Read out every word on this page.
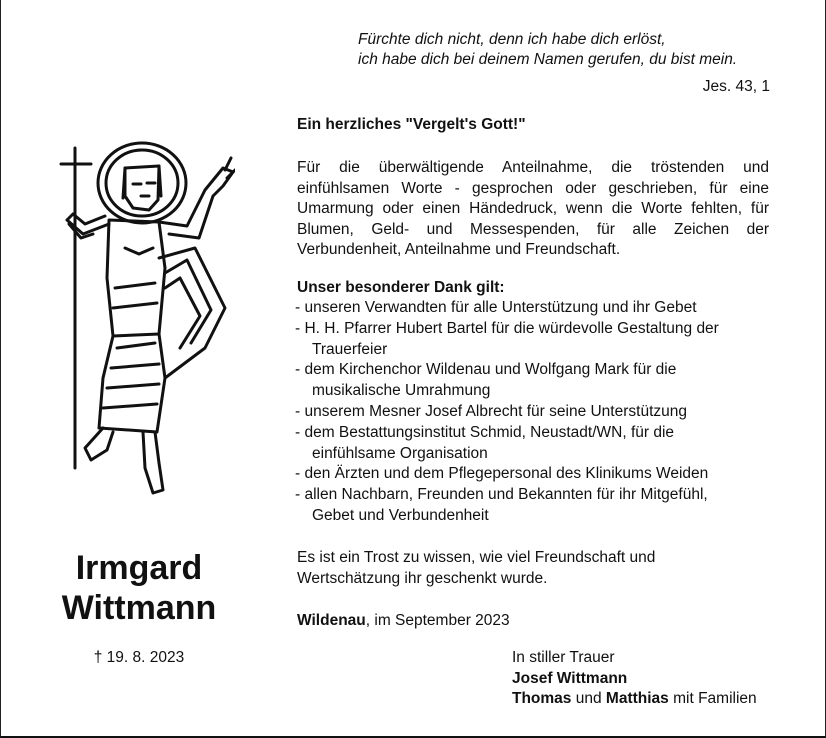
Fürchte dich nicht, denn ich habe dich erlöst,
ich habe dich bei deinem Namen gerufen, du bist mein.
Jes. 43, 1
Ein herzliches "Vergelt's Gott!"
Für die überwältigende Anteilnahme, die tröstenden und einfühlsamen Worte - gesprochen oder geschrieben, für eine Umarmung oder einen Händedruck, wenn die Worte fehlten, für Blumen, Geld- und Messespenden, für alle Zeichen der Verbundenheit, Anteilnahme und Freundschaft.
Unser besonderer Dank gilt:
- unseren Verwandten für alle Unterstützung und ihr Gebet
- H. H. Pfarrer Hubert Bartel für die würdevolle Gestaltung der
Trauerfeier
- dem Kirchenchor Wildenau und Wolfgang Mark für die
musikalische Umrahmung
- unserem Mesner Josef Albrecht für seine Unterstützung
- dem Bestattungsinstitut Schmid, Neustadt/WN, für die
einfühlsame Organisation
- den Ärzten und dem Pflegepersonal des Klinikums Weiden
- allen Nachbarn, Freunden und Bekannten für ihr Mitgefühl,
Gebet und Verbundenheit
Es ist ein Trost zu wissen, wie viel Freundschaft und
Wertschätzung ihr geschenkt wurde.
Wildenau, im September 2023
In stiller Trauer
Josef Wittmann
Thomas und Matthias mit Familien
Irmgard
Wittmann
† 19. 8. 2023
